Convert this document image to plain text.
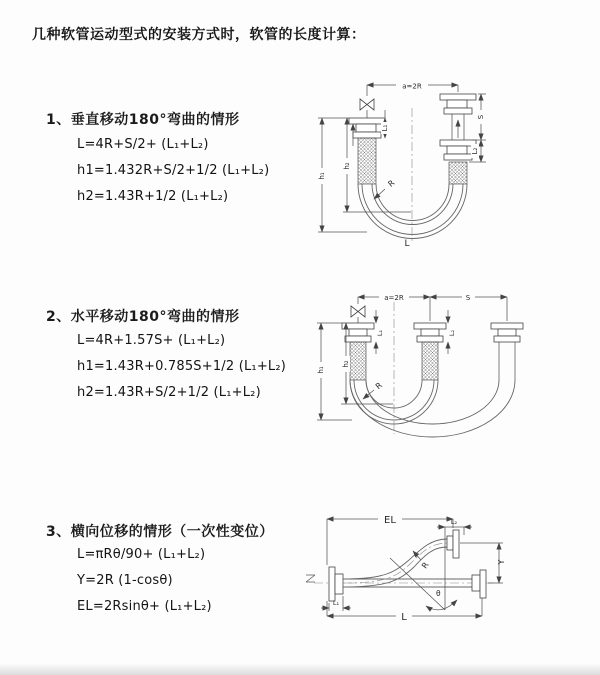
几种软管运动型式的安装方式时，软管的长度计算：
1、垂直移动180°弯曲的情形
L=4R+S/2+ (L₁+L₂)
h1=1.432R+S/2+1/2 (L₁+L₂)
h2=1.43R+1/2 (L₁+L₂)
2、水平移动180°弯曲的情形
L=4R+1.57S+ (L₁+L₂)
h1=1.43R+0.785S+1/2 (L₁+L₂)
h2=1.43R+S/2+1/2 (L₁+L₂)
3、横向位移的情形（一次性变位）
L=πRθ/90+ (L₁+L₂)
Y=2R (1-cosθ)
EL=2Rsinθ+ (L₁+L₂)
a=2R
L₁
h₁
h₂
S
L₂
R
L
a=2R	S
h₁
h₂
L₁	L₂
R
EL	L₂
Y
L
L₁
R
θ
